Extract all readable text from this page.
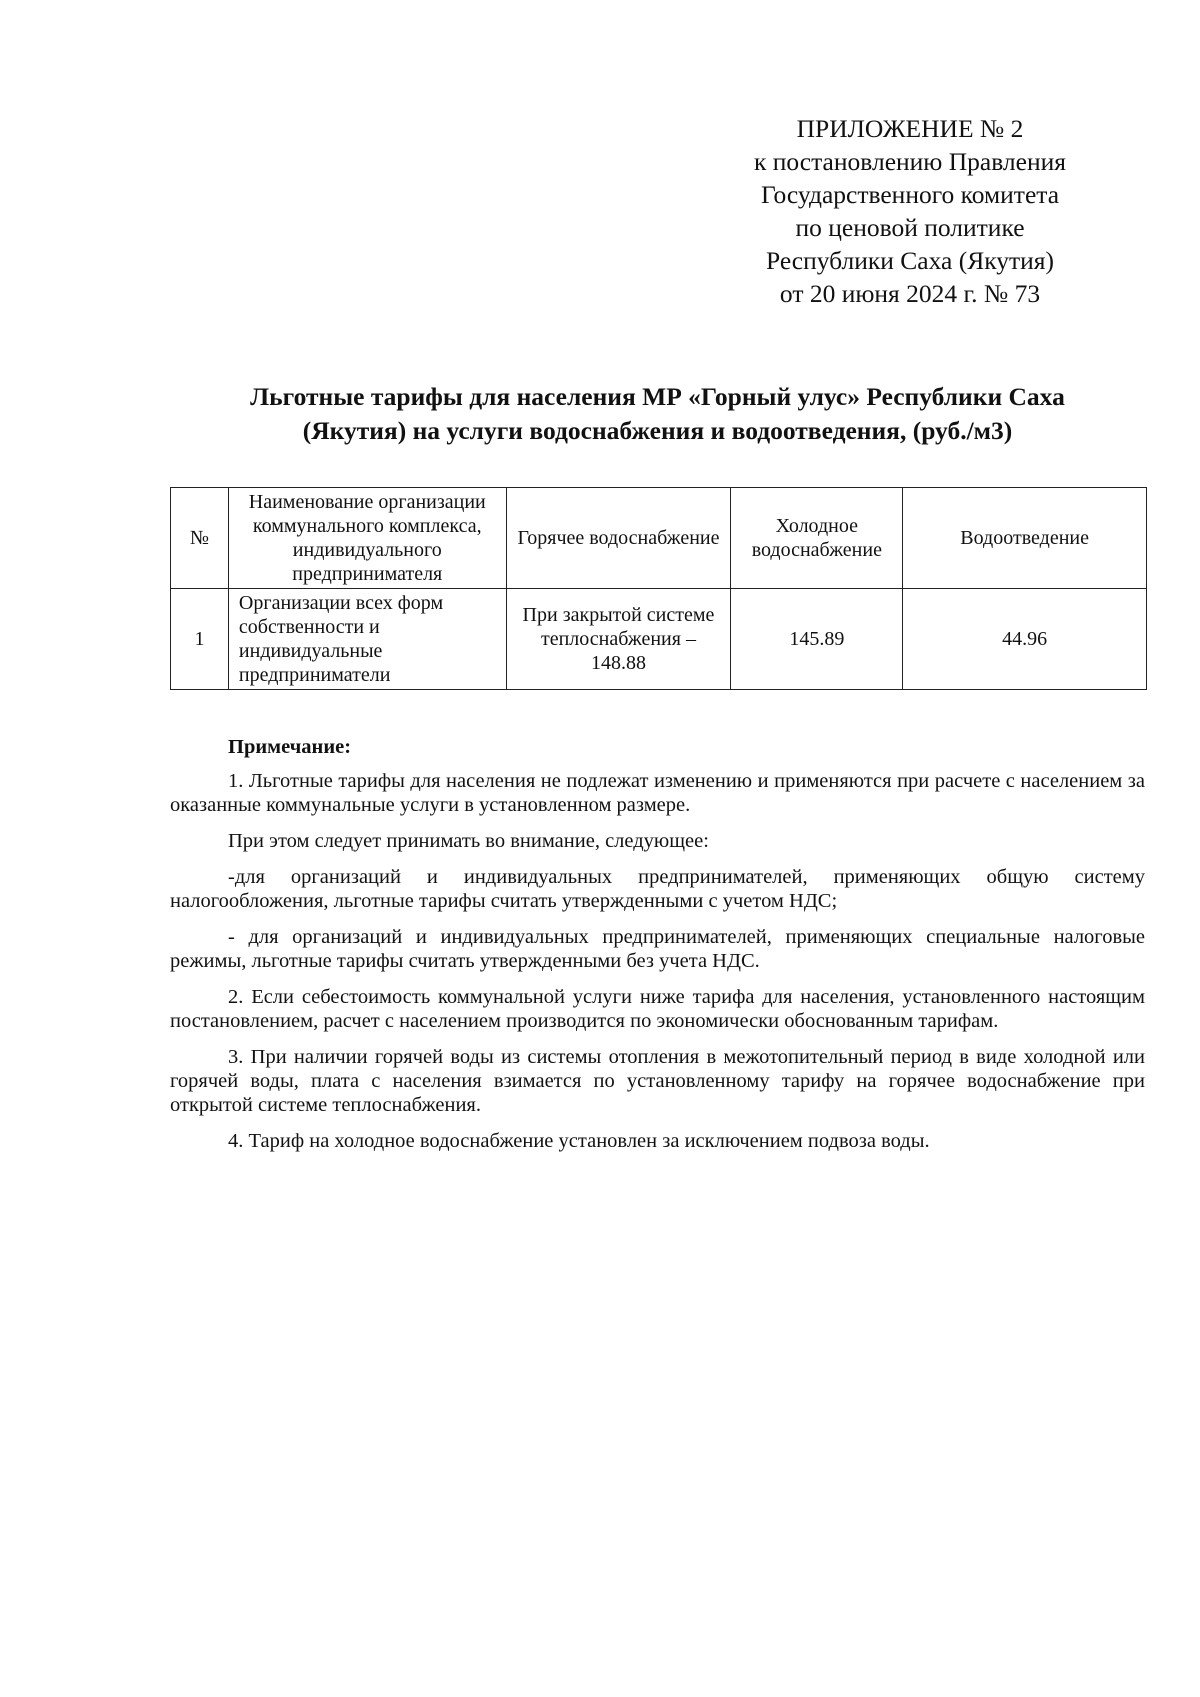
ПРИЛОЖЕНИЕ № 2
к постановлению Правления
Государственного комитета
по ценовой политике
Республики Саха (Якутия)
от 20 июня 2024 г. № 73
Льготные тарифы для населения МР «Горный улус» Республики Саха
(Якутия) на услуги водоснабжения и водоотведения, (руб./м3)
№	Наименование организации коммунального комплекса, индивидуального предпринимателя	Горячее водоснабжение	Холодное водоснабжение	Водоотведение
1	Организации всех форм собственности и индивидуальные предприниматели	При закрытой системе теплоснабжения – 148.88	145.89	44.96
Примечание:

1. Льготные тарифы для населения не подлежат изменению и применяются при расчете с населением за оказанные коммунальные услуги в установленном размере.

При этом следует принимать во внимание, следующее:

-для организаций и индивидуальных предпринимателей, применяющих общую систему налогообложения, льготные тарифы считать утвержденными с учетом НДС;

- для организаций и индивидуальных предпринимателей, применяющих специальные налоговые режимы, льготные тарифы считать утвержденными без учета НДС.

2. Если себестоимость коммунальной услуги ниже тарифа для населения, установленного настоящим постановлением, расчет с населением производится по экономически обоснованным тарифам.

3. При наличии горячей воды из системы отопления в межотопительный период в виде холодной или горячей воды, плата с населения взимается по установленному тарифу на горячее водоснабжение при открытой системе теплоснабжения.

4. Тариф на холодное водоснабжение установлен за исключением подвоза воды.
